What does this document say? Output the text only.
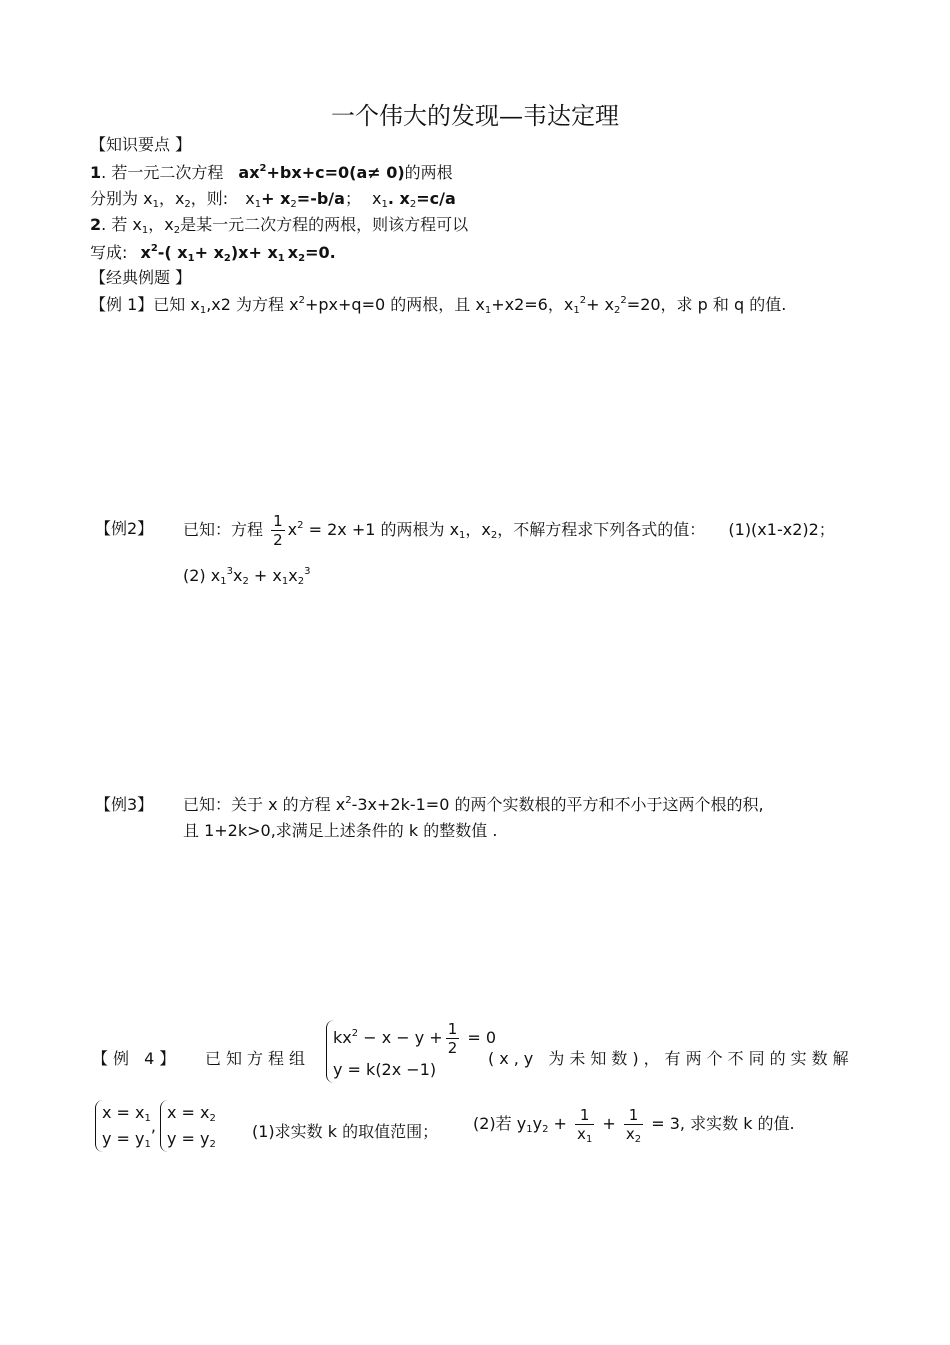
一个伟大的发现—韦达定理
【知识要点 】
1. 若一元二次方程 $ax^2+bx+c=0(a\ne 0)$的两根
分别为 $x_1$，$x_2$，则: $x_1+ x_2=-b/a$； $x_1$. $x_2=c/a$
2. 若 $x_1$，$x_2$是某一元二次方程的两根，则该方程可以
写成: $x^2-$( $x_1+ x_2)x+ x_1$ $x_2=0$.
【经典例题 】
【例 1】已知 $x_1,x2$ 为方程 $x^2+px+q=0$ 的两根，且 $x_1+x2=6$，$x_1^2+ x_2^2=20$，求 p 和 q 的值.
【例2】 已知：方程 $\frac{1}{2} x^2 = 2x +1$ 的两根为 $x_1$，$x_2$，不解方程求下列各式的值： (1)(x1-x2)2；
(2) $x_1^3x_2 + x_1x_2^3$
【例3】 已知：关于 x 的方程 $x^2-3x+2k-1=0$ 的两个实数根的平方和不小于这两个根的积,
且 1+2k>0,求满足上述条件的 k 的整数值 .
【例 4】 已知方程组
$kx^2 - x - y + \frac{1}{2} = 0$
y = k(2x −1)
(x,y 为未知数)，有两个不同的实数解
$x = x_1$
$y = y_1$
,
$x = x_2$
$y = y_2$
(1)求实数 k 的取值范围； (2)若 $y_1y_2 + \frac{1}{x_1} + \frac{1}{x_2} = 3$, 求实数 k 的值.
